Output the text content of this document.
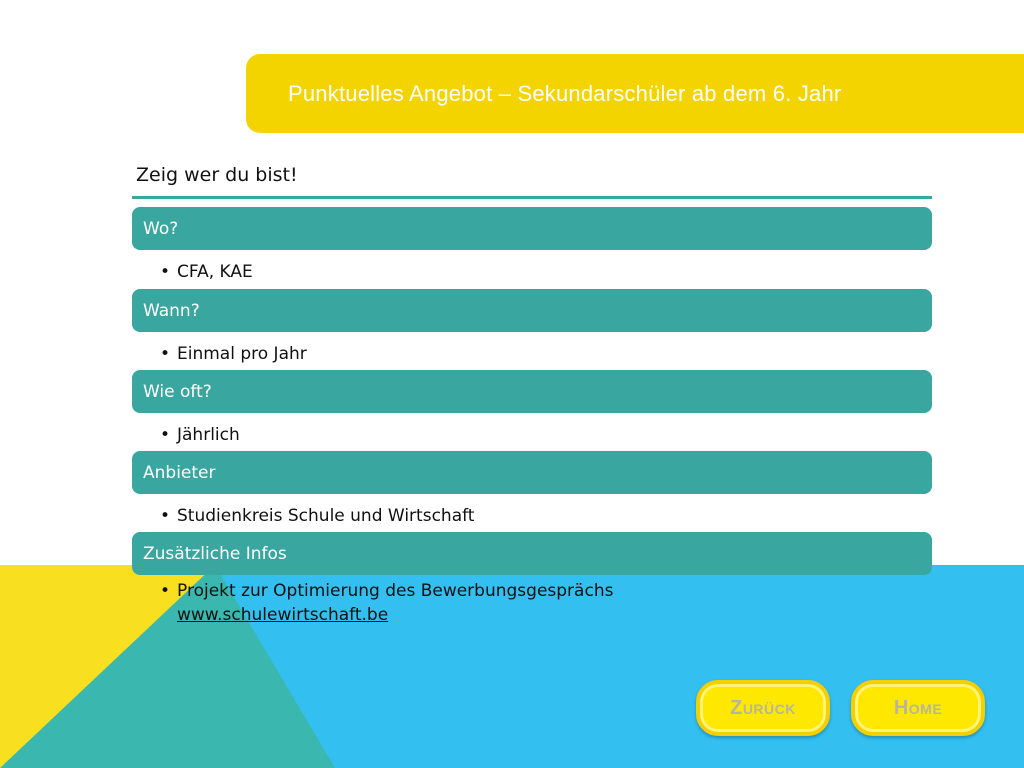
Punktuelles Angebot – Sekundarschüler ab dem 6. Jahr
Zeig wer du bist!
Wo?
• CFA, KAE
Wann?
• Einmal pro Jahr
Wie oft?
• Jährlich
Anbieter
• Studienkreis Schule und Wirtschaft
Zusätzliche Infos
• Projekt zur Optimierung des Bewerbungsgesprächs
www.schulewirtschaft.be
Zurück	Home
